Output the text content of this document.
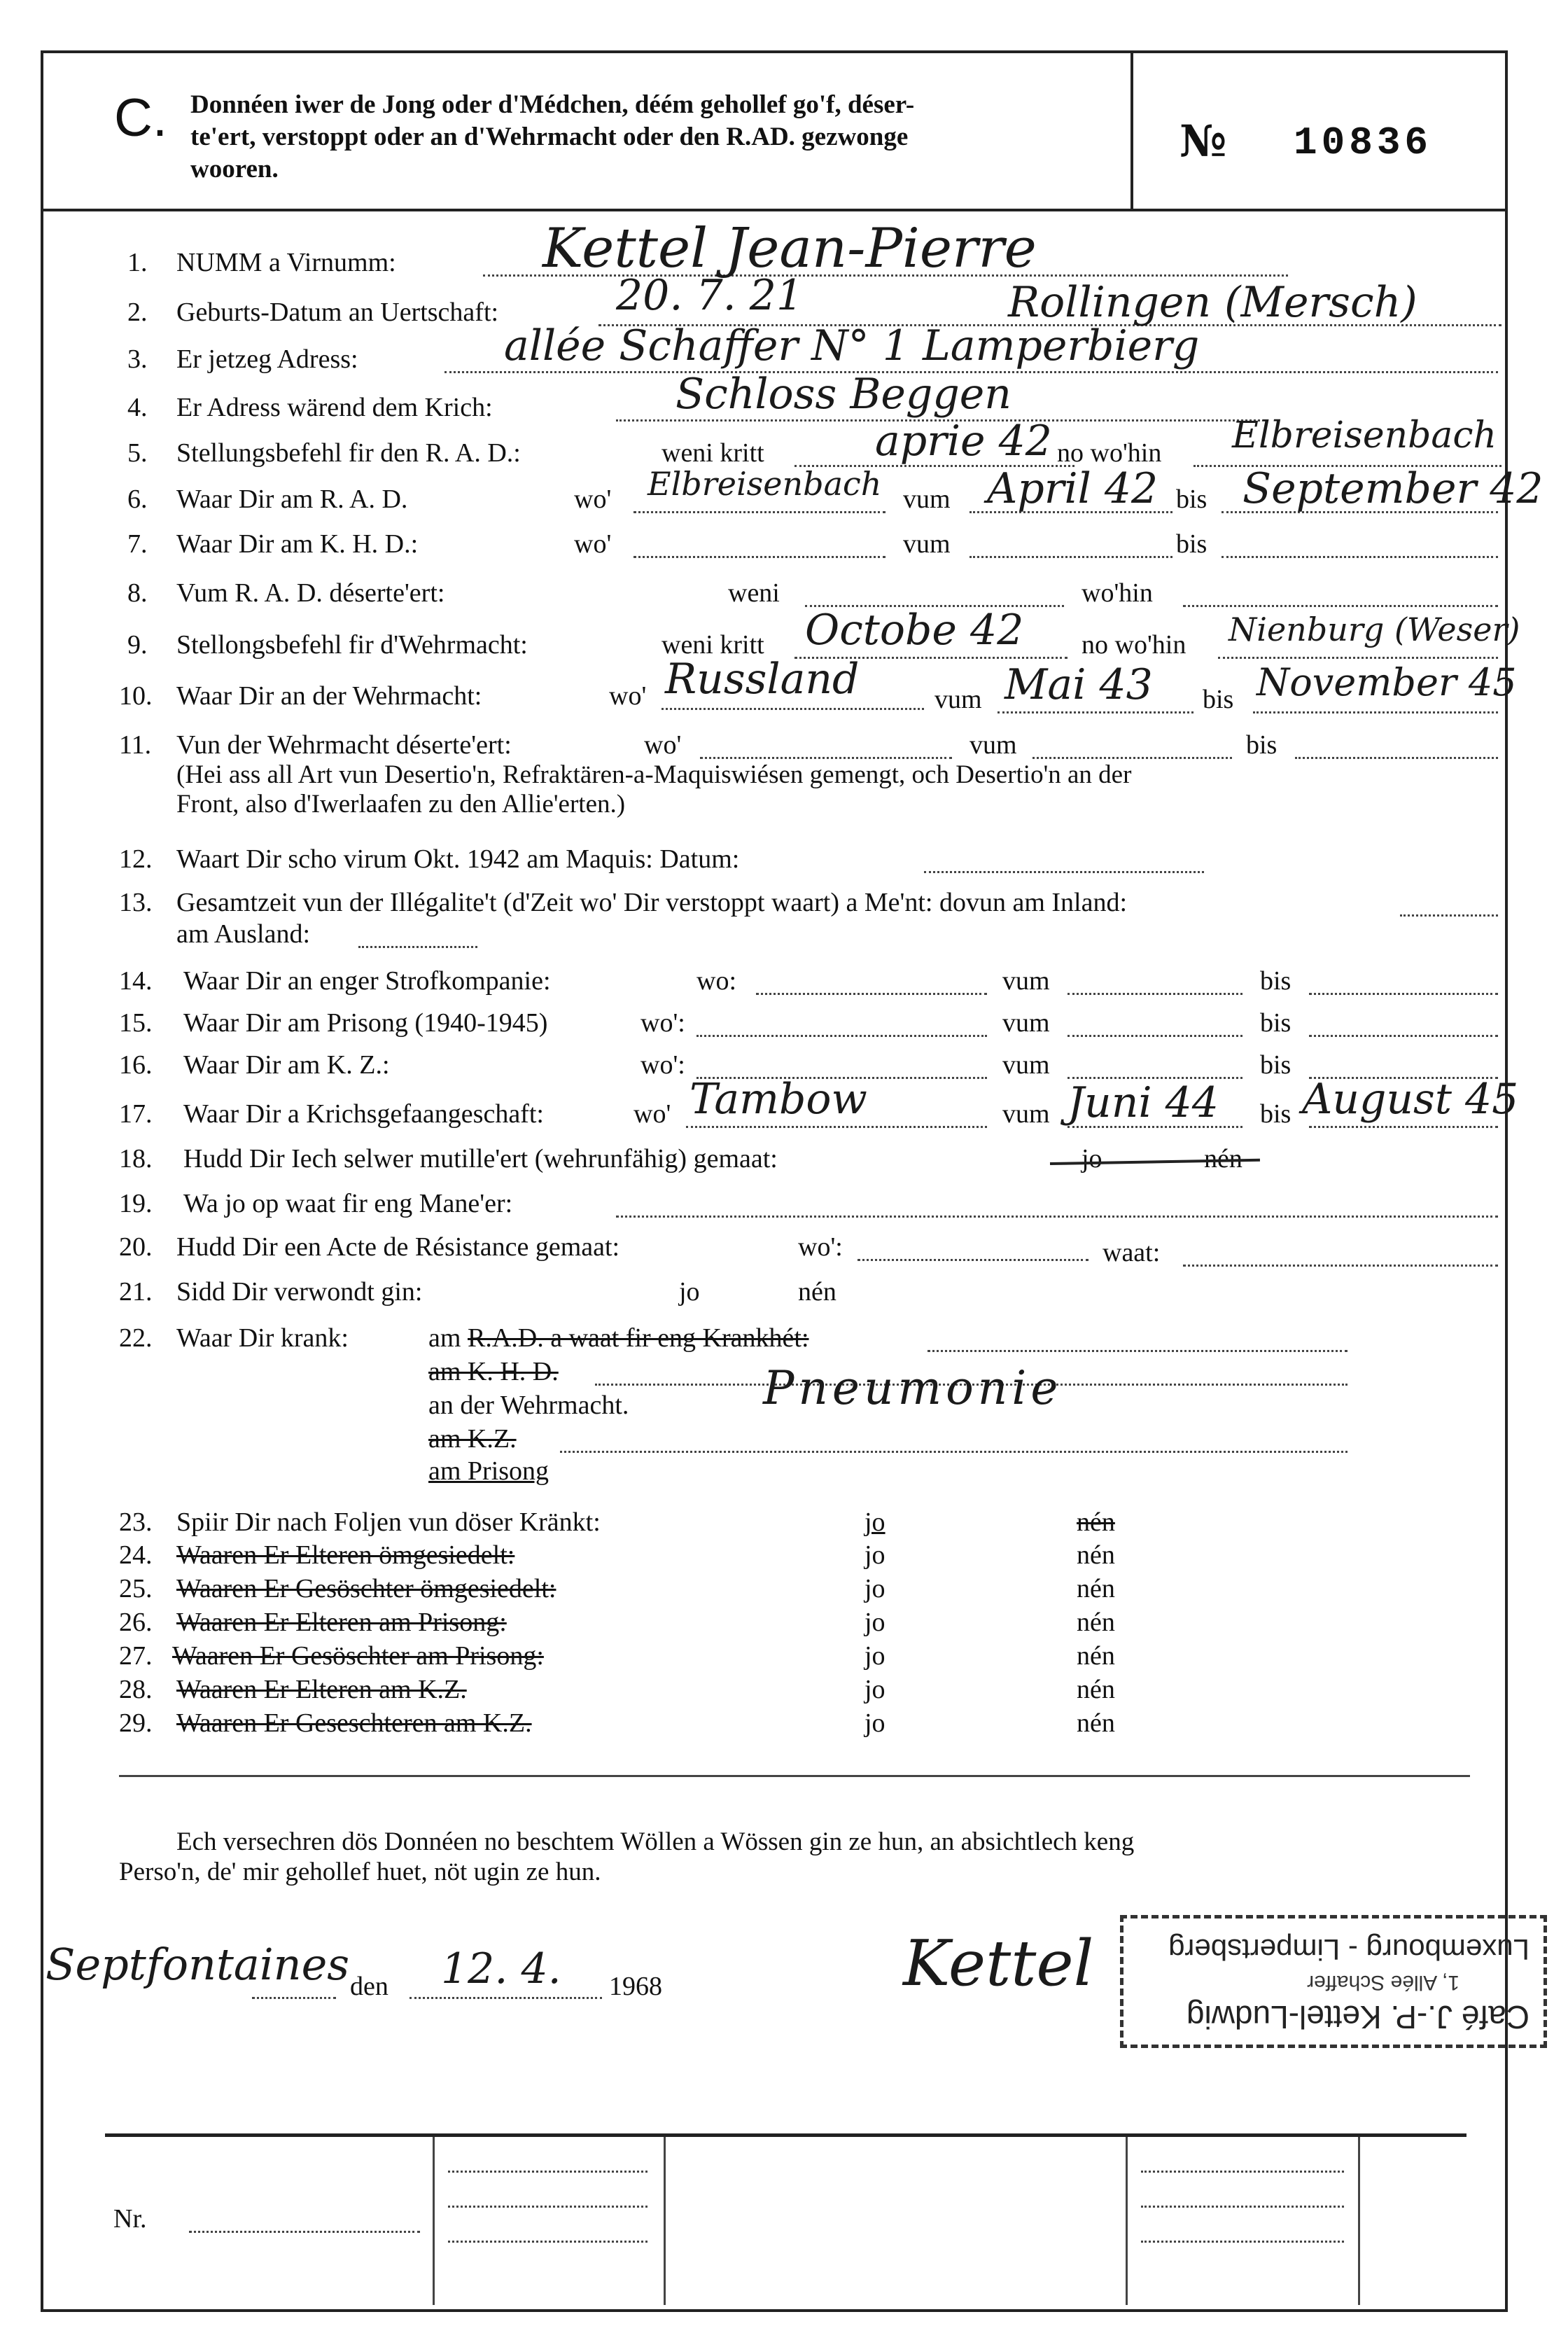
C. Donnéen iwer de Jong oder d'Médchen, déém gehollef go'f, déser-
te'ert, verstoppt oder an d'Wehrmacht oder den R.AD. gezwonge
wooren.
№ 10836
1. NUMM a Virnumm:	Kettel Jean-Pierre
2. Geburts-Datum an Uertschaft:	20. 7. 21	Rollingen (Mersch)
3. Er jetzeg Adress:	allée Schaffer N° 1 Lamperbierg
4. Er Adress wärend dem Krich:	Schloss Beggen
5. Stellungsbefehl fir den R. A. D.:	weni kritt	aprie 42 no wo'hin Elbreisenbach
6. Waar Dir am R. A. D.	wo' Elbreisenbach vum April 42 bis September 42
7. Waar Dir am K. H. D.:	wo'	vum	bis
8. Vum R. A. D. déserte'ert:	weni	wo'hin
9. Stellongsbefehl fir d'Wehrmacht:	weni kritt Octobe 42 no wo'hin Nienburg (Weser)
10. Waar Dir an der Wehrmacht:	wo' Russland	vum Mai 43 bis November 45
11. Vun der Wehrmacht déserte'ert:	wo'	vum	bis
(Hei ass all Art vun Desertio'n, Refraktären-a-Maquiswiésen gemengt, och Desertio'n an der
Front, also d'Iwerlaafen zu den Allie'erten.)
12. Waart Dir scho virum Okt. 1942 am Maquis: Datum:
13. Gesamtzeit vun der Illégalite't (d'Zeit wo' Dir verstoppt waart) a Me'nt: dovun am Inland:
am Ausland:
14. Waar Dir an enger Strofkompanie:	wo:	vum	bis
15. Waar Dir am Prisong (1940-1945)	wo':	vum	bis
16. Waar Dir am K. Z.:	wo':	vum	bis
17. Waar Dir a Krichsgefaangeschaft:	wo' Tambow	vum Juni 44 bis August 45
18. Hudd Dir Iech selwer mutille'ert (wehrunfähig) gemaat:	jo	nén
19. Wa jo op waat fir eng Mane'er:
20. Hudd Dir een Acte de Résistance gemaat:	wo':	waat:
21. Sidd Dir verwondt gin:	jo	nén
22. Waar Dir krank:	am R.A.D. a waat fir eng Krankhét:
am K. H. D.
an der Wehrmacht.	Pneumonie
am K.Z.
am Prisong
23. Spiir Dir nach Foljen vun döser Kränkt:	jo	nén
24. Waaren Er Elteren ömgesiedelt:	jo	nén
25. Waaren Er Gesöschter ömgesiedelt:	jo	nén
26. Waaren Er Elteren am Prisong:	jo	nén
27. Waaren Er Gesöschter am Prisong:	jo	nén
28. Waaren Er Elteren am K.Z.	jo	nén
29. Waaren Er Geseschteren am K.Z.	jo	nén
Ech versechren dös Donnéen no beschtem Wöllen a Wössen gin ze hun, an absichtlech keng
Perso'n, de' mir gehollef huet, nöt ugin ze hun.
Septfontaines den 12. 4. 1968	Kettel
Café J.-P. Kettel-Ludwig
1, Allée Schaffer
Luxembourg - Limpertsberg
Nr.
